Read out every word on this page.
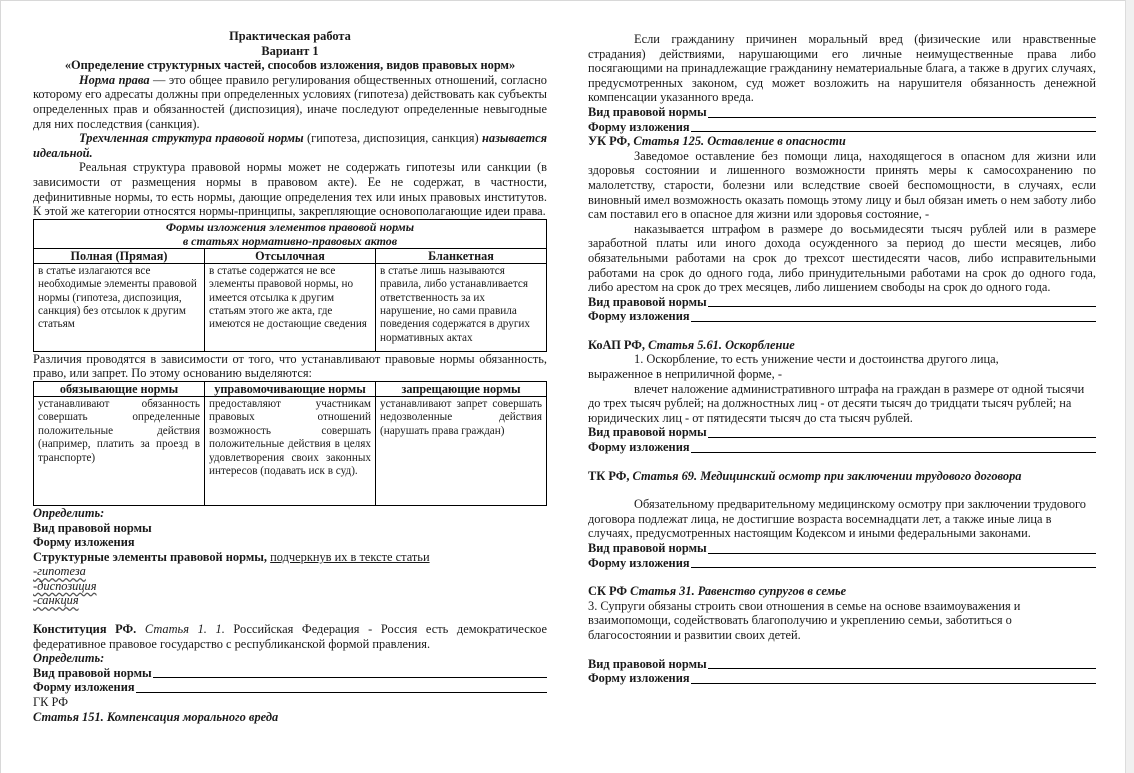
Практическая работа

Вариант 1

«Определение структурных частей, способов изложения, видов правовых норм»

Норма права — это общее правило регулирования общественных отношений, согласно которому его адресаты должны при определенных условиях (гипотеза) действовать как субъекты определенных прав и обязанностей (диспозиция), иначе последуют определенные невыгодные для них последствия (санкция).

Трехчленная структура правовой нормы (гипотеза, диспозиция, санкция) называется идеальной.

Реальная структура правовой нормы может не содержать гипотезы или санкции (в зависимости от размещения нормы в правовом акте). Ее не содержат, в частности, дефинитивные нормы, то есть нормы, дающие определения тех или иных правовых институтов. К этой же категории относятся нормы-принципы, закрепляющие основополагающие идеи права.

Формы изложения элементов правовой нормы
в статьях нормативно-правовых актов		

Полная (Прямая)	Отсылочная	Бланкетная
в статье излагаются все необходимые элементы правовой нормы (гипотеза, диспозиция, санкция) без отсылок к другим статьям	в статье содержатся не все элементы правовой нормы, но имеется отсылка к другим статьям этого же акта, где имеются не достающие сведения	в статье лишь называются правила, либо устанавливается ответственность за их нарушение, но сами правила поведения содержатся в других нормативных актах

Различия проводятся в зависимости от того, что устанавливают правовые нормы обязанность, право, или запрет. По этому основанию выделяются:

обязывающие нормы	управомочивающие нормы	запрещающие нормы
устанавливают обязанность совершать определенные положительные действия (например, платить за проезд в транспорте)	предоставляют участникам правовых отношений возможность совершать положительные действия в целях удовлетворения своих законных интересов (подавать иск в суд).	устанавливают запрет совершать недозволенные действия (нарушать права граждан)

Определить:

Вид правовой нормы

Форму изложения

Структурные элементы правовой нормы, подчеркнув их в тексте статьи

-гипотеза

-диспозиция

-санкция

Конституция РФ. Статья 1. 1. Российская Федерация - Россия есть демократическое федеративное правовое государство с республиканской формой правления.

Определить:

Вид правовой нормы
Форму изложения

ГК РФ

Статья 151. Компенсация морального вреда

Если гражданину причинен моральный вред (физические или нравственные страдания) действиями, нарушающими его личные неимущественные права либо посягающими на принадлежащие гражданину нематериальные блага, а также в других случаях, предусмотренных законом, суд может возложить на нарушителя обязанность денежной компенсации указанного вреда.

Вид правовой нормы
Форму изложения

УК РФ, Статья 125. Оставление в опасности

Заведомое оставление без помощи лица, находящегося в опасном для жизни или здоровья состоянии и лишенного возможности принять меры к самосохранению по малолетству, старости, болезни или вследствие своей беспомощности, в случаях, если виновный имел возможность оказать помощь этому лицу и был обязан иметь о нем заботу либо сам поставил его в опасное для жизни или здоровья состояние, -

наказывается штрафом в размере до восьмидесяти тысяч рублей или в размере заработной платы или иного дохода осужденного за период до шести месяцев, либо обязательными работами на срок до трехсот шестидесяти часов, либо исправительными работами на срок до одного года, либо принудительными работами на срок до одного года, либо арестом на срок до трех месяцев, либо лишением свободы на срок до одного года.

Вид правовой нормы
Форму изложения

КоАП РФ, Статья 5.61. Оскорбление

1. Оскорбление, то есть унижение чести и достоинства другого лица, выраженное в неприличной форме, -

влечет наложение административного штрафа на граждан в размере от одной тысячи до трех тысяч рублей; на должностных лиц - от десяти тысяч до тридцати тысяч рублей; на юридических лиц - от пятидесяти тысяч до ста тысяч рублей.

Вид правовой нормы
Форму изложения

ТК РФ, Статья 69. Медицинский осмотр при заключении трудового договора

Обязательному предварительному медицинскому осмотру при заключении трудового договора подлежат лица, не достигшие возраста восемнадцати лет, а также иные лица в случаях, предусмотренных настоящим Кодексом и иными федеральными законами.

Вид правовой нормы
Форму изложения

СК РФ Статья 31. Равенство супругов в семье

3. Супруги обязаны строить свои отношения в семье на основе взаимоуважения и взаимопомощи, содействовать благополучию и укреплению семьи, заботиться о благосостоянии и развитии своих детей.

Вид правовой нормы
Форму изложения
